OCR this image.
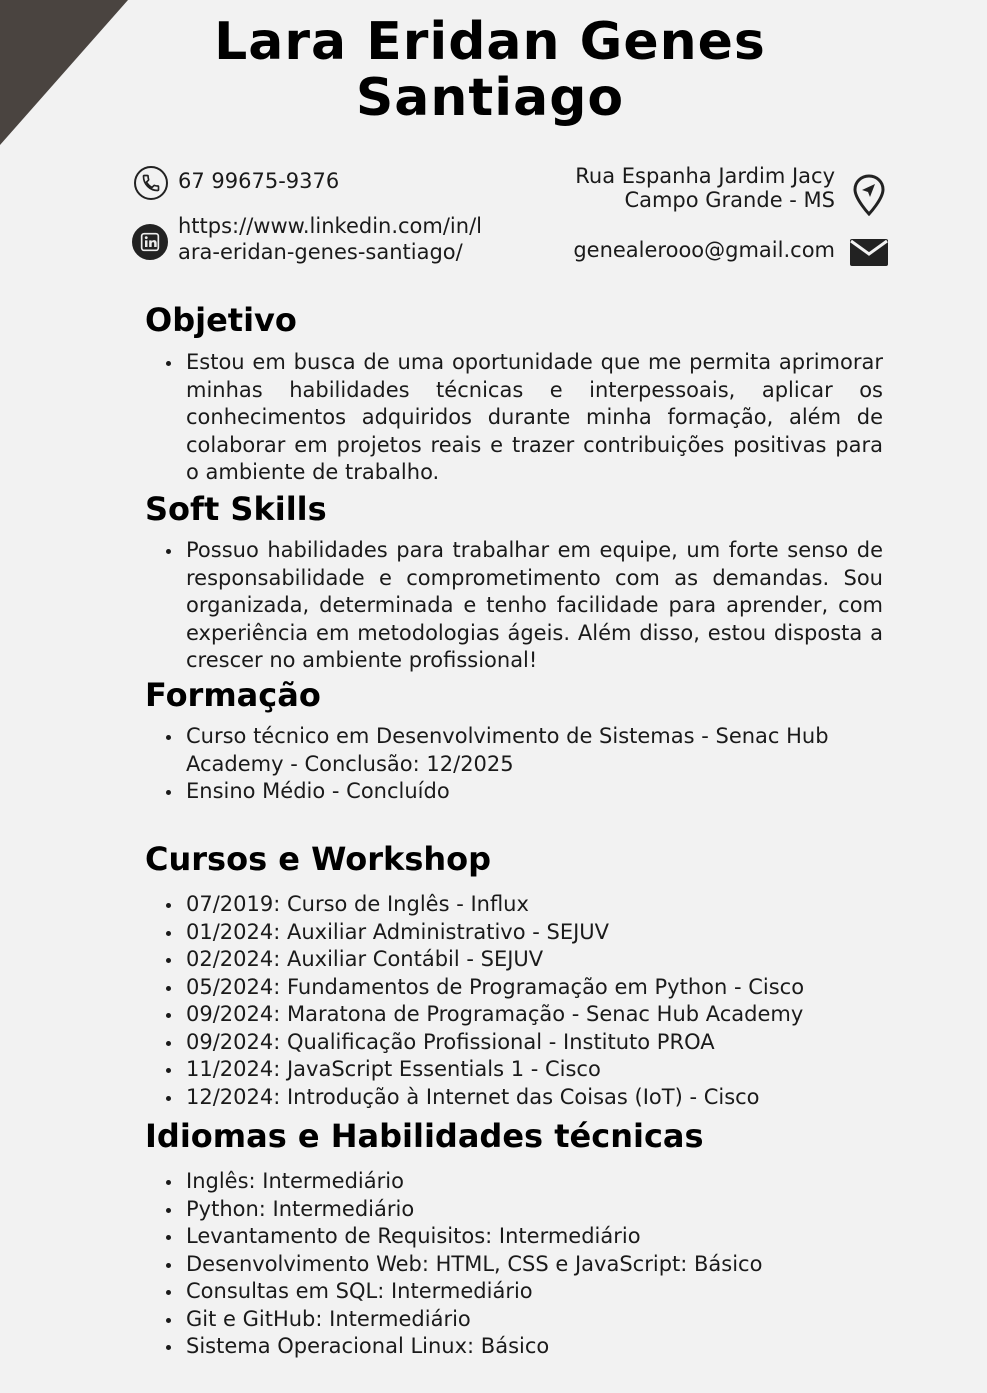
Lara Eridan Genes
Santiago
67 99675-9376
https://www.linkedin.com/in/l
ara-eridan-genes-santiago/
Rua Espanha Jardim Jacy
Campo Grande - MS
genealerooo@gmail.com
Objetivo
Estou em busca de uma oportunidade que me permita aprimorar minhas habilidades técnicas e interpessoais, aplicar os conhecimentos adquiridos durante minha formação, além de colaborar em projetos reais e trazer contribuições positivas para o ambiente de trabalho.
Soft Skills
Possuo habilidades para trabalhar em equipe, um forte senso de responsabilidade e comprometimento com as demandas. Sou organizada, determinada e tenho facilidade para aprender, com experiência em metodologias ágeis. Além disso, estou disposta a crescer no ambiente profissional!
Formação
Curso técnico em Desenvolvimento de Sistemas - Senac Hub Academy - Conclusão: 12/2025
Ensino Médio - Concluído
Cursos e Workshop
07/2019: Curso de Inglês - Influx
01/2024: Auxiliar Administrativo - SEJUV
02/2024: Auxiliar Contábil - SEJUV
05/2024: Fundamentos de Programação em Python - Cisco
09/2024: Maratona de Programação - Senac Hub Academy
09/2024: Qualificação Profissional - Instituto PROA
11/2024: JavaScript Essentials 1 - Cisco
12/2024: Introdução à Internet das Coisas (IoT) - Cisco
Idiomas e Habilidades técnicas
Inglês: Intermediário
Python: Intermediário
Levantamento de Requisitos: Intermediário
Desenvolvimento Web: HTML, CSS e JavaScript: Básico
Consultas em SQL: Intermediário
Git e GitHub: Intermediário
Sistema Operacional Linux: Básico
